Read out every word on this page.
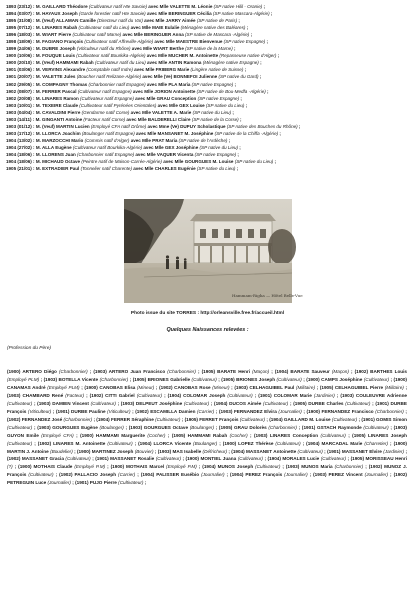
1893 (23/12) : M. GAILLARD Théodore (Cultivateur natif Hte Savoie) avec Mlle VALETTE M. Léonie (SP native Hilil - Oranie) ;
1894 (03/07) : M. HAYAUX Joseph (Garde forestier natif Hte Savoie) avec Mlle BERINGUER Cécilia (SP native Mascara-Algérie) ;
1895 (31/08) : M. (Veuf) ALLAMAN Camille (Directeur natif du Var) avec Mlle JARRY Aimée (SP native de Paris) ;
1895 (07/12) : M. LINARES Rabah (Cultivateur natif du Lieu) avec Mlle MAIE Eulalie (Ménagère native des Baléares) ;
1896 (18/03) : M. WIART Pierre (Cultivateur natif Marne) avec Mlle BERINGUER Anna (SP native de Mascara -Algérie) ;
1898 (18/09) : M. FAGIANO François (Cultivateur natif Affreville-Algérie) avec Mlle MAESTRE Bienvenue (SP native Espagne) ;
1899 (24/06) : M. DUBRE Joseph (Viticulteur natif du Rhône) avec Mlle WIART Berthe (SP native de la Marne) ;
1900 (10/06) : M. FOUQUE Louis (Cultivateur natif Bourkika-Algérie) avec Mlle MUCHER M. Antoinette (Repasseuse native d'Alger) ;
1900 (20/10) : M. (Veuf) HAMMAMI Rabah (Cultivateur natif du Lieu) avec Mlle ANTIN Ramona (Ménagère native Espagne) ;
1901 (03/06) : M. VERVINS Alexandre (Comptable natif Indre) avec Mlle FRIBERG Marie (Lingère native de Suisse) ;
1901 (20/07) : M. VALETTE Jules (Boucher natif Relizane-Algérie) avec Mlle (Ve) BONNEFOI Julienne (SP native du Gard) ;
1902 (29/05) : M. COMPAGNY Thomas (Charbonnier natif Espagne) avec Mlle PLA Maria (SP native Espagne) ;
1902 (08/07) : M. FERRER Pascal (Cultivateur natif Espagne) avec Mlle JORION Antoinette (SP native de Bou-Medfa -Algérie) ;
1902 (20/08) : M. LINARES Ramon (Cultivateur natif Espagne) avec Mlle GRAU Conception (SP native Espagne) ;
1903 (10/01) : M. TEXEIRE Claude (Cultivateur natif Pyrénées Orientales) avec Mlle GEX Louise (SP native du Lieu) ;
1903 (04/04) : M. CAVALDINI Pierre (Gendarme natif Corse) avec Mlle VALETTE A. Marie (SP native du Lieu) ;
1903 (14/11) : M. GINGANTI Antoine (Facteur natif Corse) avec Mlle BALDERELLI Claire (SP native de la Corse) ;
1903 (01/12) : M. (Veuf) MARTIN Lucien (Employé CFA natif Drôme) avec Mme (Ve) DUPUY Scholastique (SP native des Bouches du Rhône) ;
1903 (17/12) : M. LLORCA Joachim (Boulanger natif Espagne) avec Mlle MANSANET M. Joséphine (SP native de la Chiffa -Algérie) ;
1904 (13/02) : M. MARZOCCHI Mario (Commis natif d'Alger) avec Mlle PRAT Maria (SP native de l'Ardèche) ;
1904 (27/02) : M. ALLA Eugène (Cultivateur natif Bourkika-Algérie) avec Mlle GEX Joséphine (SP native du Lieu) ;
1904 (18/06) : M. LLORENS Juan (Charbonnier natif Espagne) avec Mlle VAQUER Vicenta (SP native Espagne) ;
1904 (18/06) : M. MICHAUD Octave (Peintre natif de Maison-Carrée-Algérie) avec Mlle GOURGUES M. Louise (SP native du Lieu) ;
1905 (21/01) : M. EXTRADIER Paul (Tonnelier natif Charente) avec Mlle CHARLES Eugénie (SP native du Lieu) ;
Hammam-Righa — Hôtel Belle-Vue
Photo issue du site TORRES : http://orleansville.free.fr/accueil.html
Quelques Naissances relevées :
(Profession du Père)
(1900) ARTERO Diégo (Charbonnier) ; (1903) ARTERO Juan Francisco (Charbonnier) ; (1905) BARATE Henri (Maçon) ; (1904) BARATE Sauveur (Maçon) ; (1902) BARTHES Louis (Employé PLM) ; (1903) BOTELLA Vicente (Charbonnier) ; (1905) BRIONES Gabrielle (Cultivateur) ; (1905) BRIONES Joseph (Cultivateur) ; (1900) CAMPS Joséphine (Cultivateur) ; (1900) CANAMAS André (Employé PLM) ; (1900) CANOBAS Elisa (Mineur) ; (1902) CANOBAS Rose (Mineur) ; (1903) CELHAGUIBEL Paul (Militaire) ; (1905) CELHAGUIBEL Pierre (Militaire) ; (1903) CHAMBARD René (Facteur) ; (1902) CITTI Gabriel (Cultivateur) ; (1904) COLOMAR Joseph (Cultivateur) ; (1901) COLOMAR Marie (Jardinier) ; (1903) COULEUVRE Adrienne (Cultivateur) ; (1903) DAMIEN Vincent (Cultivateur) ; (1903) DELPEUT Joséphine (Cultivateur) ; (1904) DUCOS Aimée (Cultivateur) ; (1905) DURBE Charles (Cultivateur) ; (1901) DURBE François (Viticulteur) ; (1901) DURBE Pauline (Viticulteur) ; (1902) ESCAMILLA Damien (Carrier) ; (1903) FERNANDEZ Elvira (Journalier) ; (1900) FERNANDEZ Francisco (Charbonnier) ; (1902) FERNANDEZ José (Charbonnier) ; (1904) FERRER Séraphine (Cultivateur) ; (1905) FERRET François (Cultivateur) ; (1904) GAILLARD M. Louise (Cultivateur) ; (1901) GOMIS Simon (Cultivateur) ; (1903) GOURGUES Eugène (Boulanger) ; (1903) GOURGUES Octave (Boulanger) ; (1905) GRAU Dolorès (Charbonnier) ; (1901) GSTACH Raymonde (Cultivateur) ; (1903) GUYON Emile (Employé CFA) ; (1900) HAMMAMI Marguerite (Cocher) ; (1905) HAMMAMI Rabah (Cocher) ; (1903) LINARES Conception (Cultivateur) ; (1905) LINARES Joseph (Cultivateur) ; (1902) LINARES M. Antoinette (Cultivateur) ; (1904) LLORCA Vicente (Boulanger) ; (1900) LOPEZ Thérèse (Cultivateur) ; (1904) MARCADAL Marie (Charretier) ; (1900) MARTIN J. Antoine (Boudelier) ; (1900) MARTINEZ Joseph (Bouvier) ; (1903) MAS Isabelle (Défricheur) ; (1904) MASSANET Antoinette (Cultivateur) ; (1901) MASSANET Elvire (Jardinier) ; (1902) MASSANET Gracia (Cultivateur) ; (1901) MASSANET Rosalie (Cultivateur) ; (1900) MONTIEL Juana (Cultivateur) ; (1904) MORALES Lucie (Cultivateur) ; (1905) MORISSEAU Henri (?) ; (1900) MOTHAIS Claude (Employé P.M) ; (1900) MOTHAIS Marcel (Employé P.M) ; (1904) MUNOS Joseph (Cultivateur) ; (1903) MUNOS Maria (Charbonnier) ; (1902) MUNOZ J. François (Cultivateur) ; (1902) PALLACIO Joseph (Carrier) ; (1904) PALISSER Eusébio (Journalier) ; (1904) PEREZ François (Journalier) ; (1903) PEREZ Vincent (Journalier) ; (1902) PETREGUIN Luce (Journalier) ; (1901) PUJO Pierre (Cultivateur) ;
